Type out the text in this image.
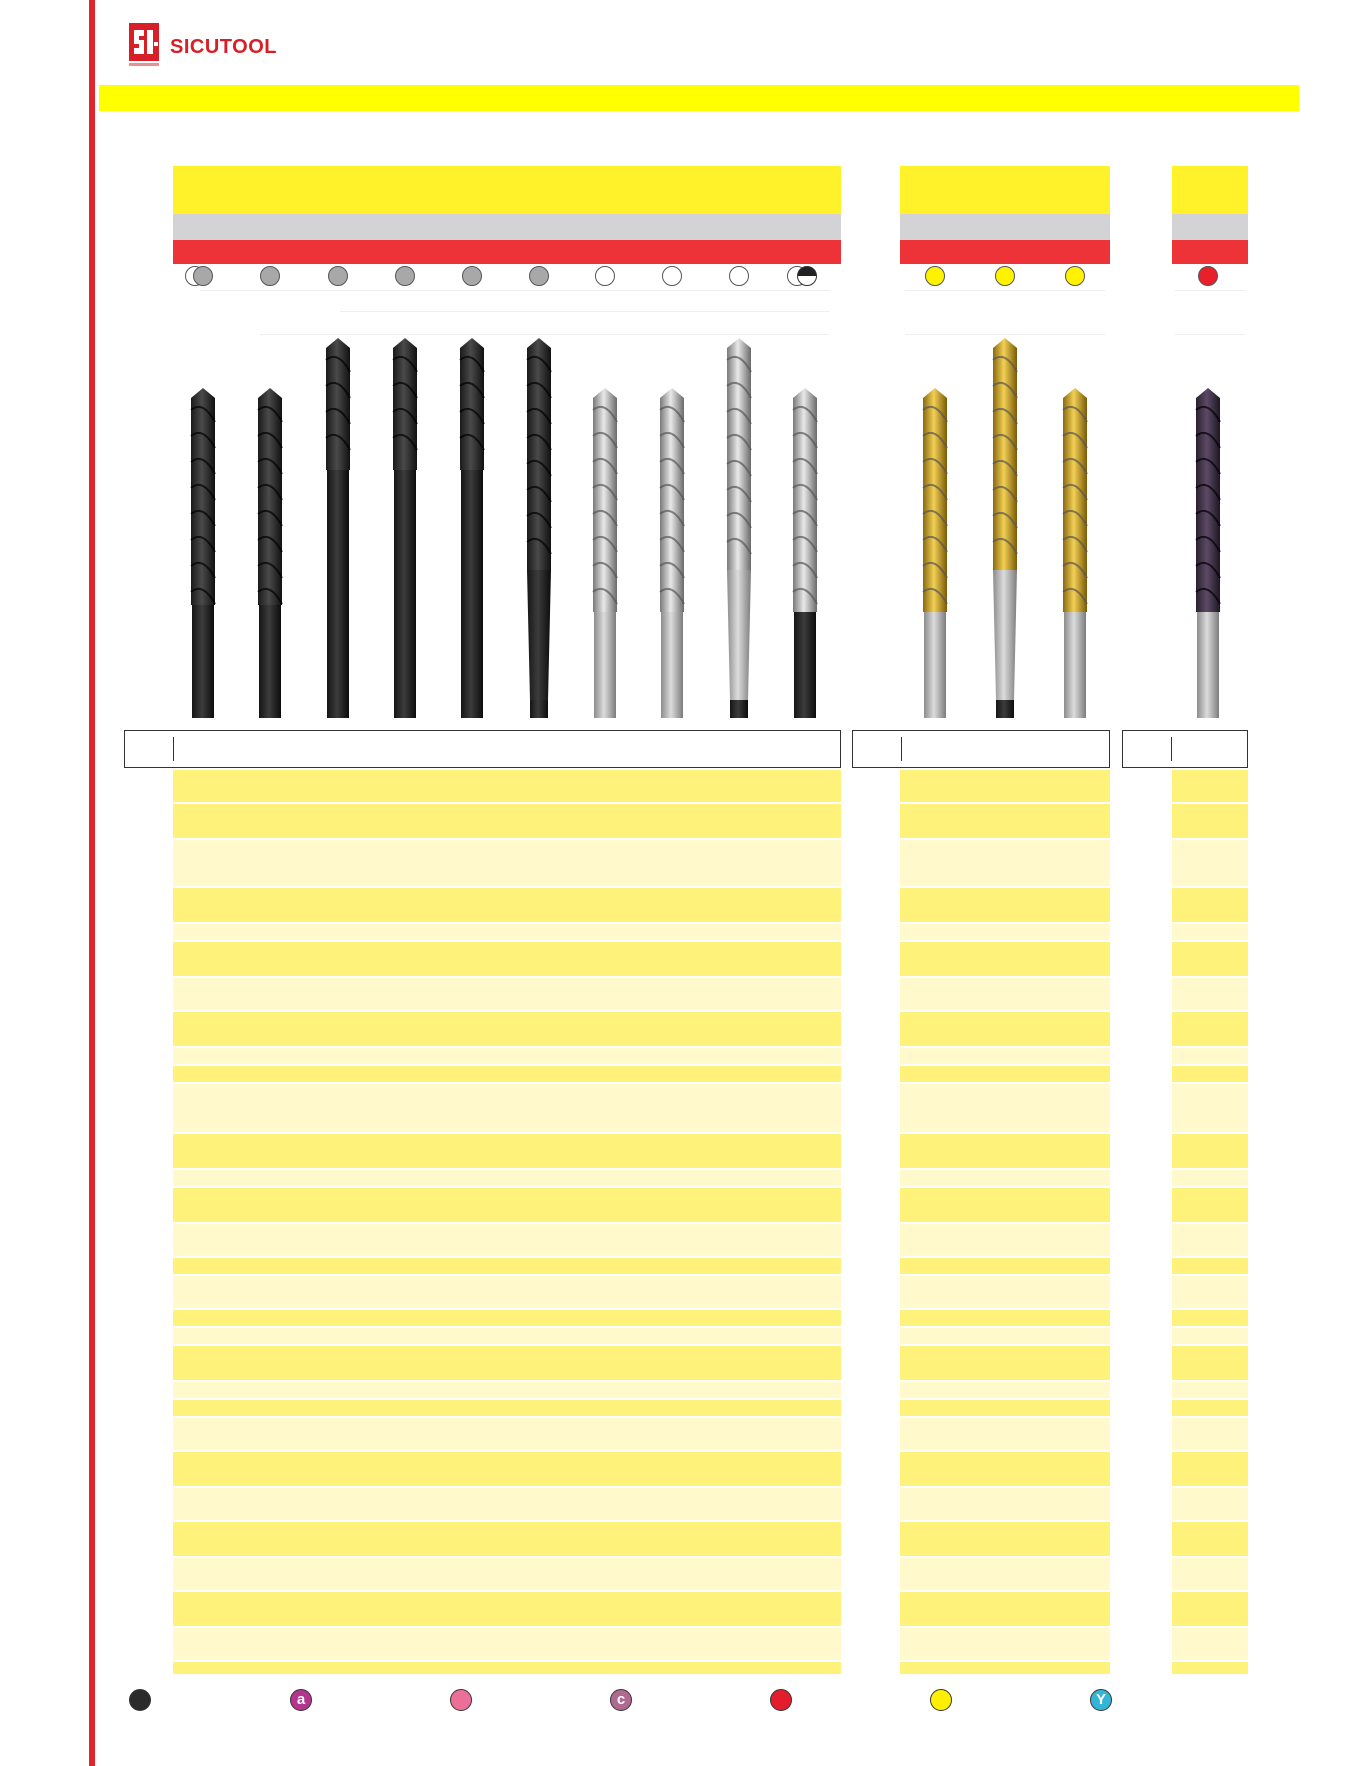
SICUTOOL
a	c	Y
